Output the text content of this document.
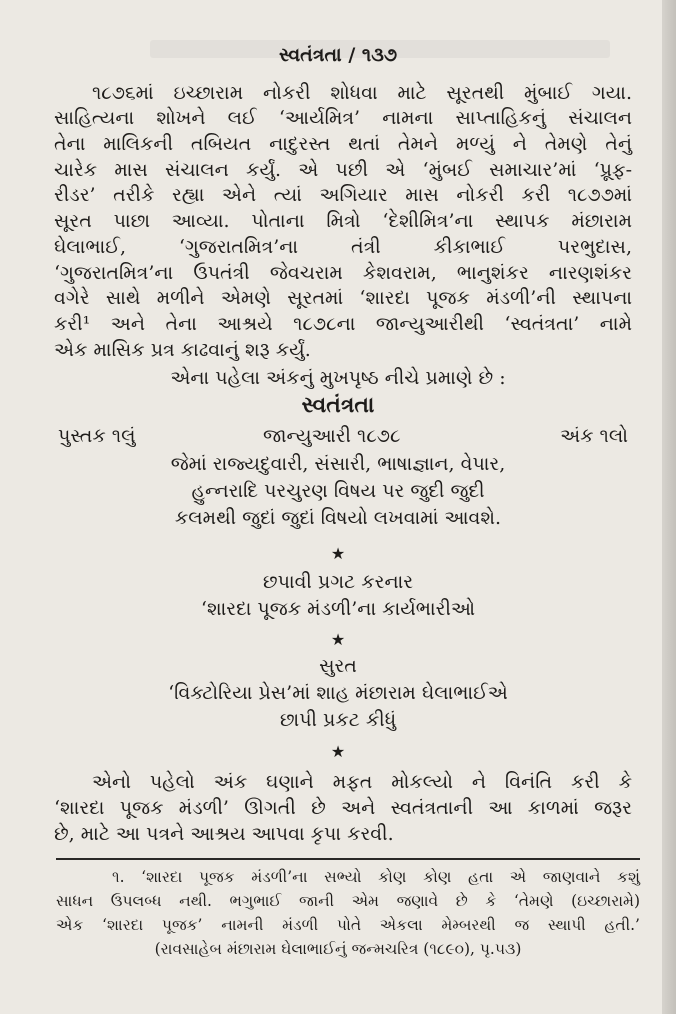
સ્વતંત્રતા / ૧૩૭
૧૮૭૬માં ઇચ્છારામ નોકરી શોધવા માટે સૂરતથી મુંબાઈ ગયા.
સાહિત્યના શોખને લઈ ‘આર્યમિત્ર’ નામના સાપ્તાહિકનું સંચાલન
તેના માલિકની તબિયત નાદુરસ્ત થતાં તેમને મળ્યું ને તેમણે તેનું
ચારેક માસ સંચાલન કર્યું. એ પછી એ ‘મુંબઈ સમાચાર’માં ‘પ્રૂફ-
રીડર’ તરીકે રહ્યા એને ત્યાં અગિયાર માસ નોકરી કરી ૧૮૭૭માં
સૂરત પાછા આવ્યા. પોતાના મિત્રો ‘દેશીમિત્ર’ના સ્થાપક મંછારામ
ઘેલાભાઈ, ‘ગુજરાતમિત્ર’ના તંત્રી કીકાભાઈ પરભુદાસ,
‘ગુજરાતમિત્ર’ના ઉપતંત્રી જેવચરામ કેશવરામ, ભાનુશંકર નારણશંકર
વગેરે સાથે મળીને એમણે સૂરતમાં ‘શારદા પૂજક મંડળી’ની સ્થાપના
કરી¹ અને તેના આશ્રયે ૧૮૭૮ના જાન્યુઆરીથી ‘સ્વતંત્રતા’ નામે
એક માસિક પ્રત્ર કાઢવાનું શરૂ કર્યું.
એના પહેલા અંકનું મુખપૃષ્ઠ નીચે પ્રમાણે છે :
સ્વતંત્રતા
પુસ્તક ૧લું	જાન્યુઆરી ૧૮૭૮	અંક ૧લો
જેમાં રાજ્યદુવારી, સંસારી, ભાષાજ્ઞાન, વેપાર,
હુન્નરાદિ પરચુરણ વિષય પર જુદી જુદી
કલમથી જુદાં જુદાં વિષયો લખવામાં આવશે.
★
છપાવી પ્રગટ કરનાર
‘શારદા પૂજક મંડળી’ના કાર્યભારીઓ
★
સુરત
‘વિક્ટોરિયા પ્રેસ’માં શાહ મંછારામ ઘેલાભાઈએ
છાપી પ્રકટ કીધું
★
એનો પહેલો અંક ઘણાને મફત મોકલ્યો ને વિનંતિ કરી કે
‘શારદા પૂજક મંડળી’ ઊગતી છે અને સ્વતંત્રતાની આ કાળમાં જરૂર
છે, માટે આ પત્રને આશ્રય આપવા કૃપા કરવી.
૧. ‘શારદા પૂજક મંડળી’ના સભ્યો કોણ કોણ હતા એ જાણવાને કશું
સાધન ઉપલબ્ધ નથી. ભગુભાઈ જાની એમ જણાવે છે કે ‘તેમણે (ઇચ્છારામે)
એક ‘શારદા પૂજક’ નામની મંડળી પોતે એકલા મેમ્બરથી જ સ્થાપી હતી.’
(રાવસાહેબ મંછારામ ઘેલાભાઈનું જન્મચરિત્ર (૧૮૯૦), પૃ.૫૩)
